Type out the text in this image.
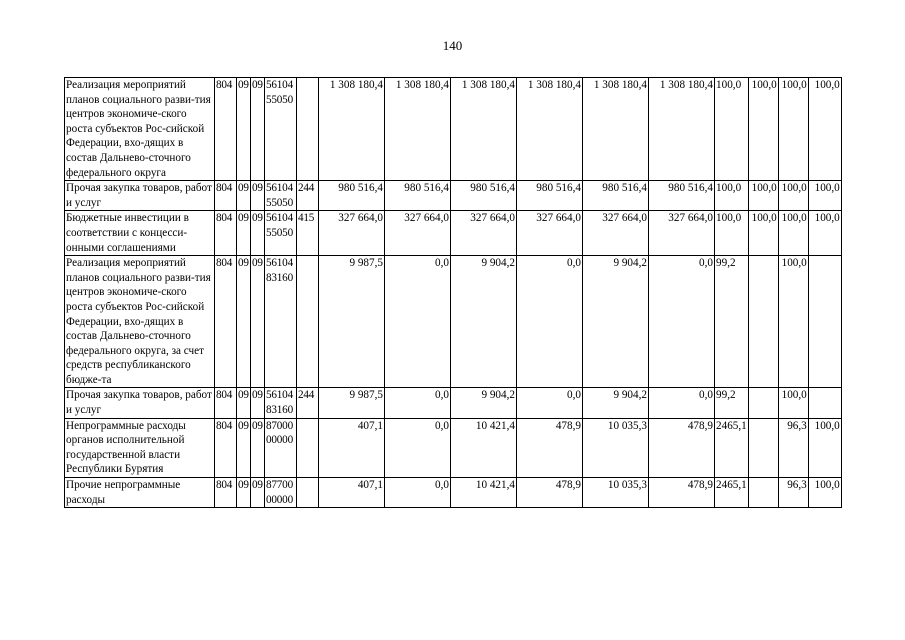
140
Реализация мероприятий планов социального разви-тия центров экономиче-ского роста субъектов Рос-сийской Федерации, вхо-дящих в состав Дальнево-сточного федерального округа	804	09	09	56104 55050		1 308 180,4	1 308 180,4	1 308 180,4	1 308 180,4	1 308 180,4	1 308 180,4	100,0	100,0	100,0	100,0
Прочая закупка товаров, работ и услуг	804	09	09	56104 55050	244	980 516,4	980 516,4	980 516,4	980 516,4	980 516,4	980 516,4	100,0	100,0	100,0	100,0
Бюджетные инвестиции в соответствии с концесси-онными соглашениями	804	09	09	56104 55050	415	327 664,0	327 664,0	327 664,0	327 664,0	327 664,0	327 664,0	100,0	100,0	100,0	100,0
Реализация мероприятий планов социального разви-тия центров экономиче-ского роста субъектов Рос-сийской Федерации, вхо-дящих в состав Дальнево-сточного федерального округа, за счет средств республиканского бюдже-та	804	09	09	56104 83160		9 987,5	0,0	9 904,2	0,0	9 904,2	0,0	99,2		100,0	
Прочая закупка товаров, работ и услуг	804	09	09	56104 83160	244	9 987,5	0,0	9 904,2	0,0	9 904,2	0,0	99,2		100,0	
Непрограммные расходы органов исполнительной государственной власти Республики Бурятия	804	09	09	87000 00000		407,1	0,0	10 421,4	478,9	10 035,3	478,9	2465,1		96,3	100,0
Прочие непрограммные расходы	804	09	09	87700 00000		407,1	0,0	10 421,4	478,9	10 035,3	478,9	2465,1		96,3	100,0
